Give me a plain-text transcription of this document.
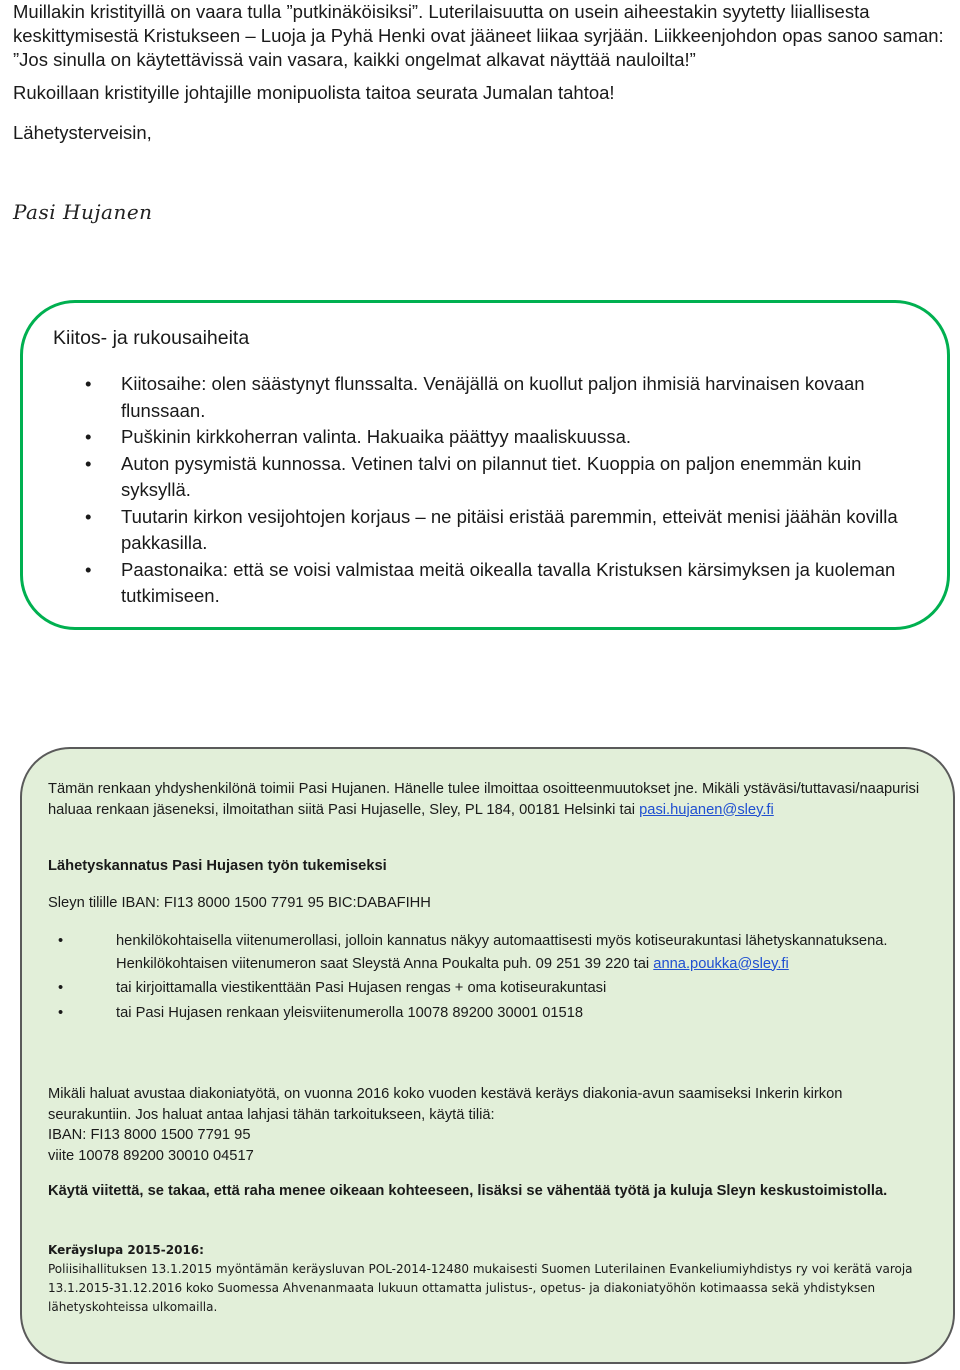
Muillakin kristityillä on vaara tulla ”putkinäköisiksi”. Luterilaisuutta on usein aiheestakin syytetty liiallisesta keskittymisestä Kristukseen – Luoja ja Pyhä Henki ovat jääneet liikaa syrjään. Liikkeenjohdon opas sanoo saman: ”Jos sinulla on käytettävissä vain vasara, kaikki ongelmat alkavat näyttää nauloilta!”

Rukoillaan kristityille johtajille monipuolista taitoa seurata Jumalan tahtoa!

Lähetysterveisin,

Pasi Hujanen
Kiitos- ja rukousaiheita
• Kiitosaihe: olen säästynyt flunssalta. Venäjällä on kuollut paljon ihmisiä harvinaisen kovaan flunssaan.
• Puškinin kirkkoherran valinta. Hakuaika päättyy maaliskuussa.
• Auton pysymistä kunnossa. Vetinen talvi on pilannut tiet. Kuoppia on paljon enemmän kuin syksyllä.
• Tuutarin kirkon vesijohtojen korjaus – ne pitäisi eristää paremmin, etteivät menisi jäähän kovilla pakkasilla.
• Paastonaika: että se voisi valmistaa meitä oikealla tavalla Kristuksen kärsimyksen ja kuoleman tutkimiseen.

Tämän renkaan yhdyshenkilönä toimii Pasi Hujanen. Hänelle tulee ilmoittaa osoitteenmuutokset jne. Mikäli ystäväsi/tuttavasi/naapurisi haluaa renkaan jäseneksi, ilmoitathan siitä Pasi Hujaselle, Sley, PL 184, 00181 Helsinki tai pasi.hujanen@sley.fi

Lähetyskannatus Pasi Hujasen työn tukemiseksi

Sleyn tilille IBAN: FI13 8000 1500 7791 95 BIC:DABAFIHH

•	henkilökohtaisella viitenumerollasi, jolloin kannatus näkyy automaattisesti myös kotiseurakuntasi lähetyskannatuksena. Henkilökohtaisen viitenumeron saat Sleystä Anna Poukalta puh. 09 251 39 220 tai anna.poukka@sley.fi
•	tai kirjoittamalla viestikenttään Pasi Hujasen rengas + oma kotiseurakuntasi
•	tai Pasi Hujasen renkaan yleisviitenumerolla 10078 89200 30001 01518

Mikäli haluat avustaa diakoniatyötä, on vuonna 2016 koko vuoden kestävä keräys diakonia-avun saamiseksi Inkerin kirkon seurakuntiin. Jos haluat antaa lahjasi tähän tarkoitukseen, käytä tiliä:

IBAN: FI13 8000 1500 7791 95

viite 10078 89200 30010 04517

Käytä viitettä, se takaa, että raha menee oikeaan kohteeseen, lisäksi se vähentää työtä ja kuluja Sleyn keskustoimistolla.

Keräyslupa 2015-2016:

Poliisihallituksen 13.1.2015 myöntämän keräysluvan POL-2014-12480 mukaisesti Suomen Luterilainen Evankeliumiyhdistys ry voi kerätä varoja 13.1.2015-31.12.2016 koko Suomessa Ahvenanmaata lukuun ottamatta julistus-, opetus- ja diakoniatyöhön kotimaassa sekä yhdistyksen lähetyskohteissa ulkomailla.
